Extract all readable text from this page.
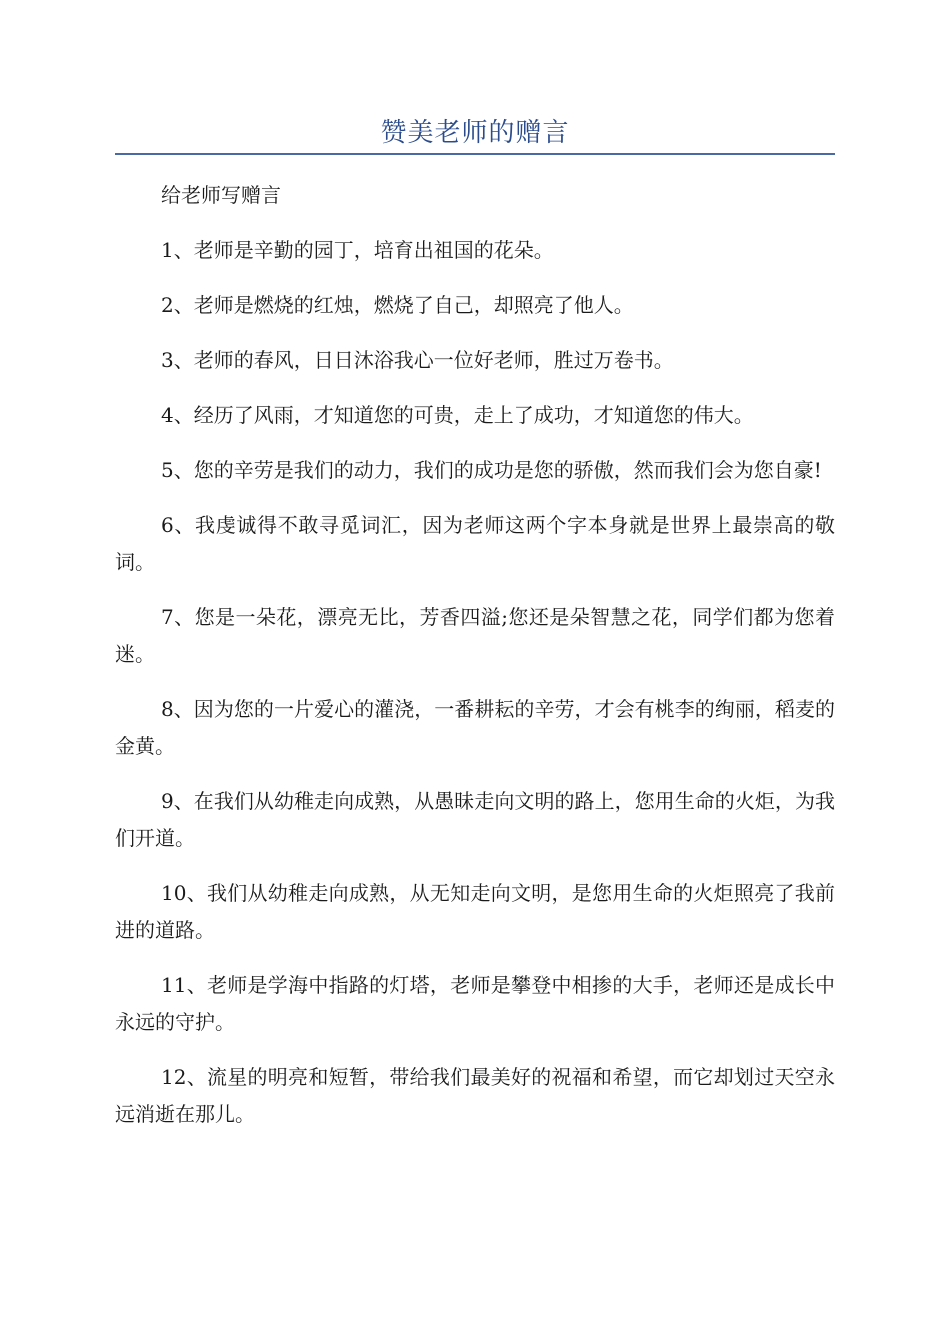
赞美老师的赠言

给老师写赠言

1、老师是辛勤的园丁，培育出祖国的花朵。

2、老师是燃烧的红烛，燃烧了自己，却照亮了他人。

3、老师的春风，日日沐浴我心一位好老师，胜过万卷书。

4、经历了风雨，才知道您的可贵，走上了成功，才知道您的伟大。

5、您的辛劳是我们的动力，我们的成功是您的骄傲，然而我们会为您自豪!

6、我虔诚得不敢寻觅词汇，因为老师这两个字本身就是世界上最崇高的敬词。

7、您是一朵花，漂亮无比，芳香四溢;您还是朵智慧之花，同学们都为您着迷。

8、因为您的一片爱心的灌浇，一番耕耘的辛劳，才会有桃李的绚丽，稻麦的金黄。

9、在我们从幼稚走向成熟，从愚昧走向文明的路上，您用生命的火炬，为我们开道。

10、我们从幼稚走向成熟，从无知走向文明，是您用生命的火炬照亮了我前进的道路。

11、老师是学海中指路的灯塔，老师是攀登中相掺的大手，老师还是成长中永远的守护。

12、流星的明亮和短暂，带给我们最美好的祝福和希望，而它却划过天空永远消逝在那儿。
